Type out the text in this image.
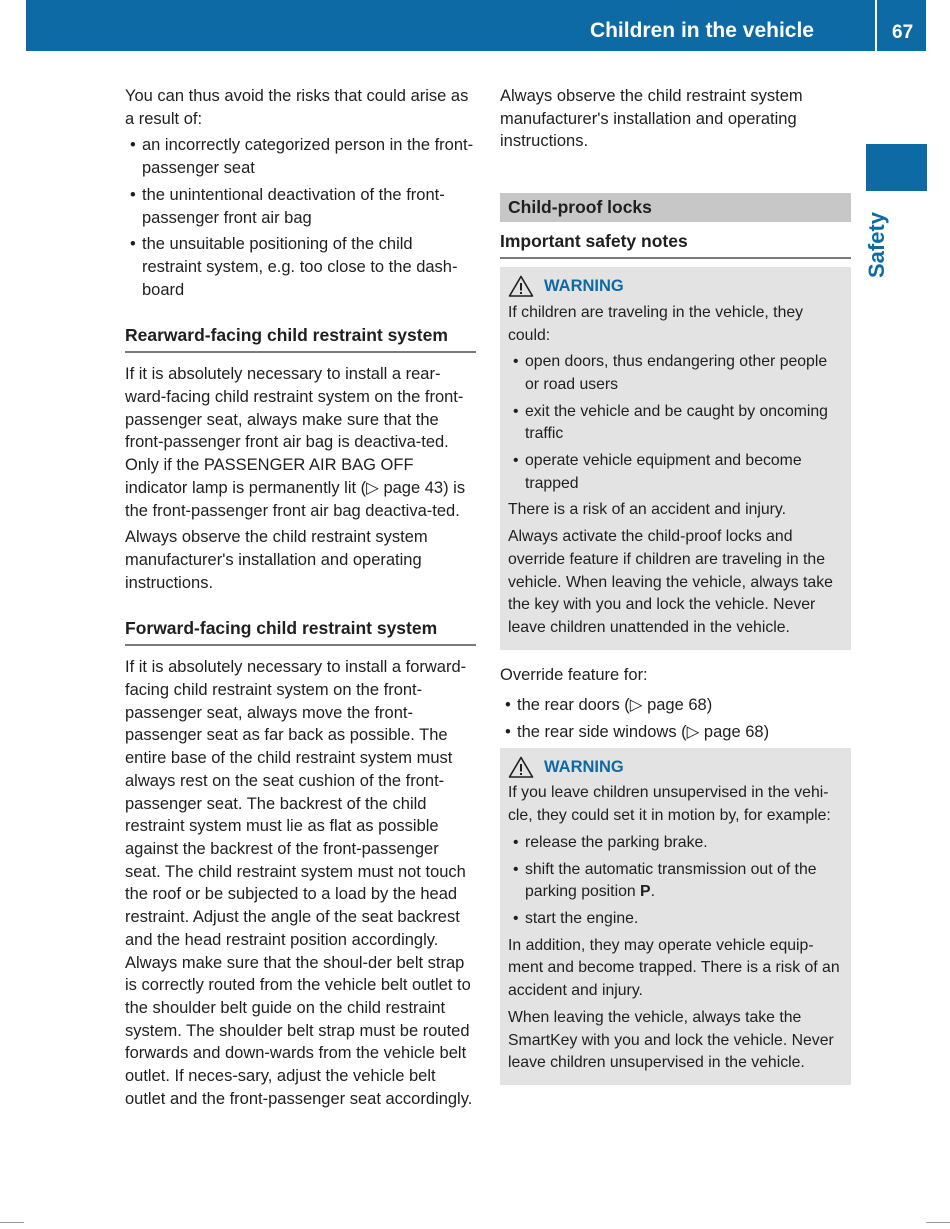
Children in the vehicle	67
Safety

You can thus avoid the risks that could arise as a result of:

• an incorrectly categorized person in the front-passenger seat
• the unintentional deactivation of the front-passenger front air bag
• the unsuitable positioning of the child restraint system, e.g. too close to the dash-board
Rearward-facing child restraint system

If it is absolutely necessary to install a rear-ward-facing child restraint system on the front-passenger seat, always make sure that the front-passenger front air bag is deactiva-ted. Only if the PASSENGER AIR BAG OFF indicator lamp is permanently lit (▷ page 43) is the front-passenger front air bag deactiva-ted.

Always observe the child restraint system manufacturer's installation and operating instructions.

Forward-facing child restraint system

If it is absolutely necessary to install a forward-facing child restraint system on the front-passenger seat, always move the front-passenger seat as far back as possible. The entire base of the child restraint system must always rest on the seat cushion of the front-passenger seat. The backrest of the child restraint system must lie as flat as possible against the backrest of the front-passenger seat. The child restraint system must not touch the roof or be subjected to a load by the head restraint. Adjust the angle of the seat backrest and the head restraint position accordingly. Always make sure that the shoul-der belt strap is correctly routed from the vehicle belt outlet to the shoulder belt guide on the child restraint system. The shoulder belt strap must be routed forwards and down-wards from the vehicle belt outlet. If neces-sary, adjust the vehicle belt outlet and the front-passenger seat accordingly.

Always observe the child restraint system manufacturer's installation and operating instructions.

Child-proof locks
Important safety notes
WARNING

If children are traveling in the vehicle, they could:

• open doors, thus endangering other people or road users
• exit the vehicle and be caught by oncoming traffic
• operate vehicle equipment and become trapped

There is a risk of an accident and injury.

Always activate the child-proof locks and override feature if children are traveling in the vehicle. When leaving the vehicle, always take the key with you and lock the vehicle. Never leave children unattended in the vehicle.

Override feature for:

• the rear doors (▷ page 68)
• the rear side windows (▷ page 68)
WARNING

If you leave children unsupervised in the vehi-cle, they could set it in motion by, for example:

• release the parking brake.
• shift the automatic transmission out of the parking position P.
• start the engine.

In addition, they may operate vehicle equip-ment and become trapped. There is a risk of an accident and injury.

When leaving the vehicle, always take the SmartKey with you and lock the vehicle. Never leave children unsupervised in the vehicle.
